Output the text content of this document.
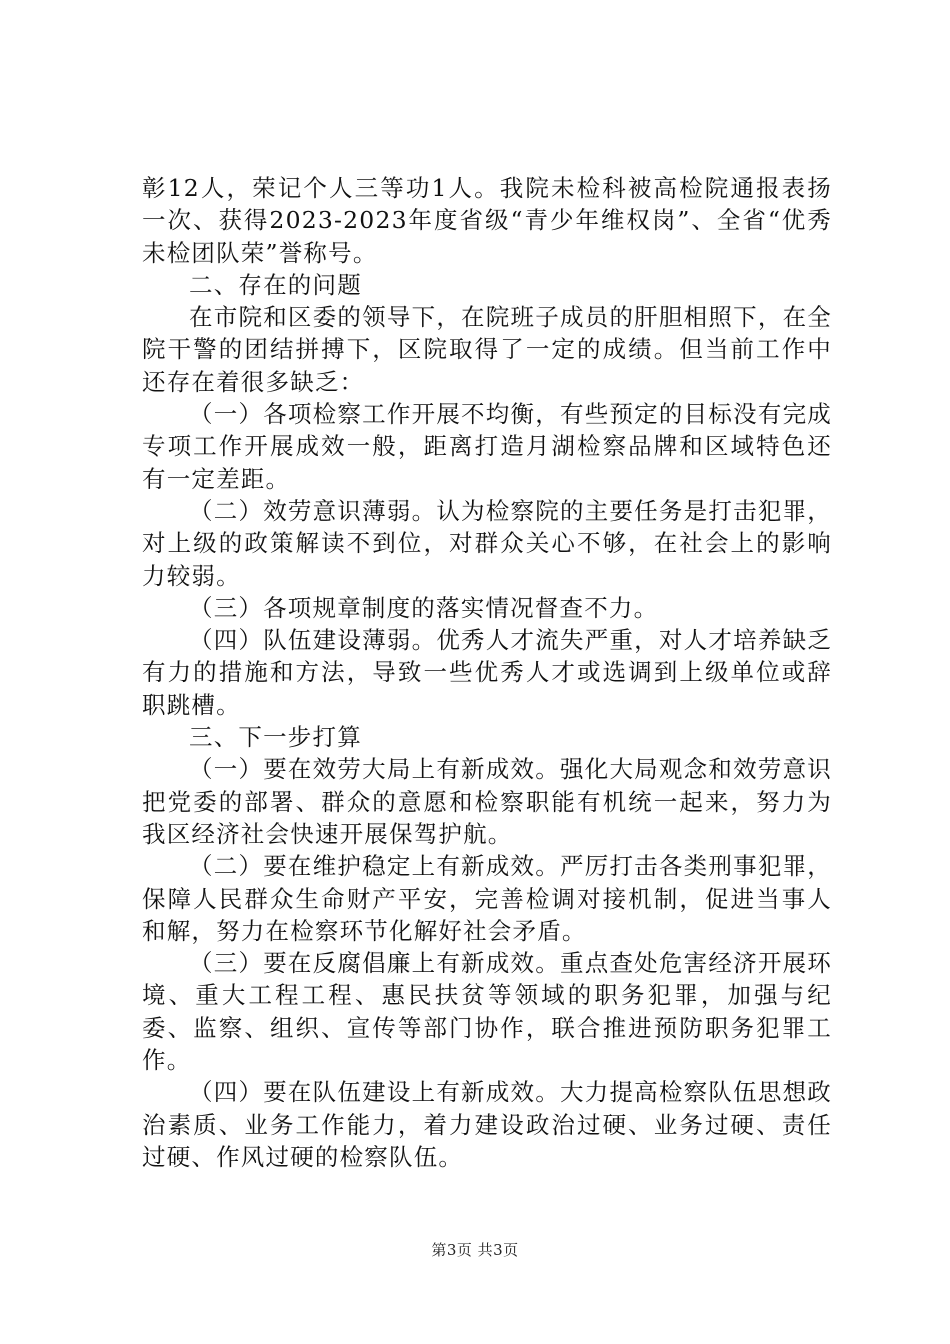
彰12人，荣记个人三等功1人。我院未检科被高检院通报表扬一次、获得2023-2023年度省级“青少年维权岗”、全省“优秀未检团队荣”誉称号。

二、存在的问题

在市院和区委的领导下，在院班子成员的肝胆相照下，在全院干警的团结拼搏下，区院取得了一定的成绩。但当前工作中还存在着很多缺乏：

（一）各项检察工作开展不均衡，有些预定的目标没有完成专项工作开展成效一般，距离打造月湖检察品牌和区域特色还有一定差距。

（二）效劳意识薄弱。认为检察院的主要任务是打击犯罪，对上级的政策解读不到位，对群众关心不够，在社会上的影响力较弱。

（三）各项规章制度的落实情况督查不力。

（四）队伍建设薄弱。优秀人才流失严重，对人才培养缺乏有力的措施和方法，导致一些优秀人才或选调到上级单位或辞职跳槽。

三、下一步打算

（一）要在效劳大局上有新成效。强化大局观念和效劳意识把党委的部署、群众的意愿和检察职能有机统一起来，努力为我区经济社会快速开展保驾护航。

（二）要在维护稳定上有新成效。严厉打击各类刑事犯罪，保障人民群众生命财产平安，完善检调对接机制，促进当事人和解，努力在检察环节化解好社会矛盾。

（三）要在反腐倡廉上有新成效。重点查处危害经济开展环境、重大工程工程、惠民扶贫等领域的职务犯罪，加强与纪委、监察、组织、宣传等部门协作，联合推进预防职务犯罪工作。

（四）要在队伍建设上有新成效。大力提高检察队伍思想政治素质、业务工作能力，着力建设政治过硬、业务过硬、责任过硬、作风过硬的检察队伍。

第3页 共3页
